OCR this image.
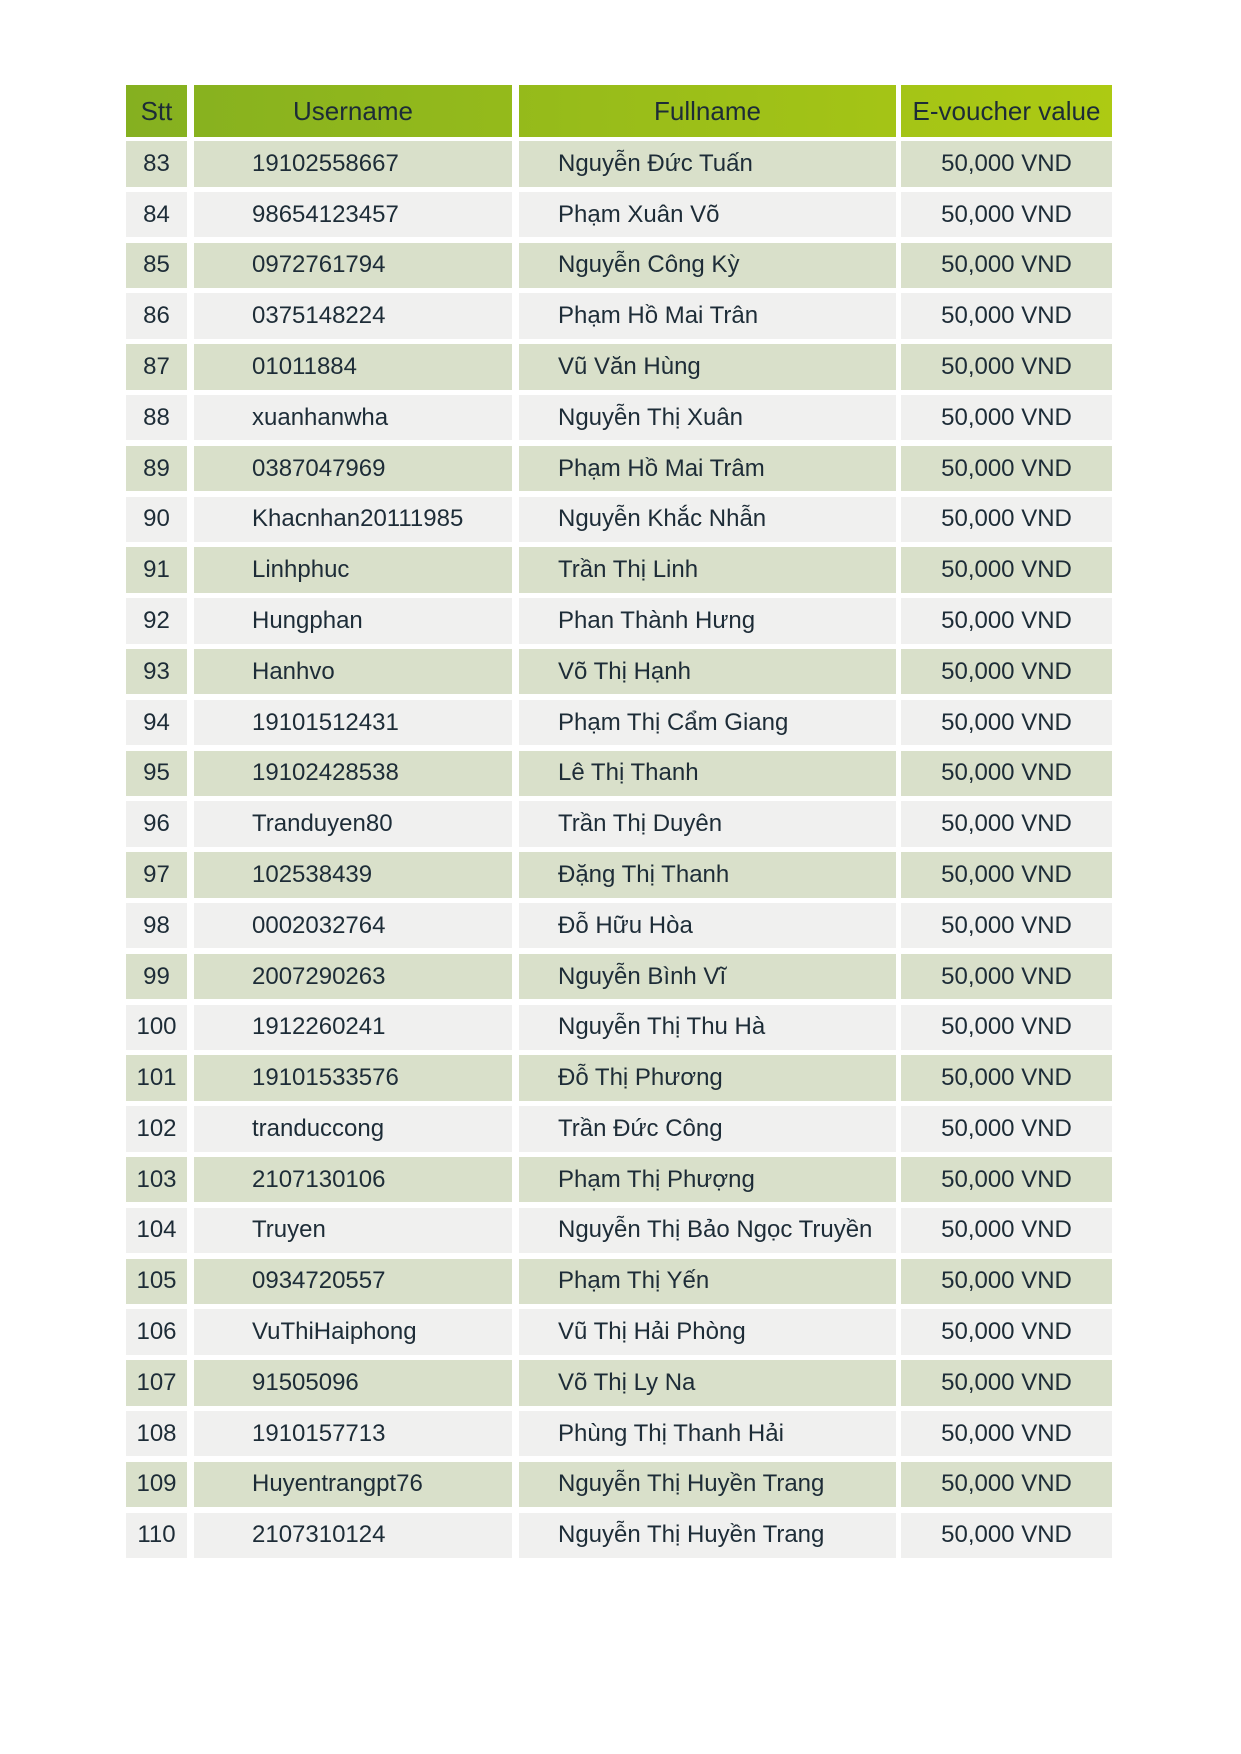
Stt	Username	Fullname	E-voucher value
83	19102558667	Nguyễn Đức Tuấn	50,000 VND
84	98654123457	Phạm Xuân Võ	50,000 VND
85	0972761794	Nguyễn Công Kỳ	50,000 VND
86	0375148224	Phạm Hồ Mai Trân	50,000 VND
87	01011884	Vũ Văn Hùng	50,000 VND
88	xuanhanwha	Nguyễn Thị Xuân	50,000 VND
89	0387047969	Phạm Hồ Mai Trâm	50,000 VND
90	Khacnhan20111985	Nguyễn Khắc Nhẫn	50,000 VND
91	Linhphuc	Trần Thị Linh	50,000 VND
92	Hungphan	Phan Thành Hưng	50,000 VND
93	Hanhvo	Võ Thị Hạnh	50,000 VND
94	19101512431	Phạm Thị Cẩm Giang	50,000 VND
95	19102428538	Lê Thị Thanh	50,000 VND
96	Tranduyen80	Trần Thị Duyên	50,000 VND
97	102538439	Đặng Thị Thanh	50,000 VND
98	0002032764	Đỗ Hữu Hòa	50,000 VND
99	2007290263	Nguyễn Bình Vĩ	50,000 VND
100	1912260241	Nguyễn Thị Thu Hà	50,000 VND
101	19101533576	Đỗ Thị Phương	50,000 VND
102	tranduccong	Trần Đức Công	50,000 VND
103	2107130106	Phạm Thị Phượng	50,000 VND
104	Truyen	Nguyễn Thị Bảo Ngọc Truyền	50,000 VND
105	0934720557	Phạm Thị Yến	50,000 VND
106	VuThiHaiphong	Vũ Thị Hải Phòng	50,000 VND
107	91505096	Võ Thị Ly Na	50,000 VND
108	1910157713	Phùng Thị Thanh Hải	50,000 VND
109	Huyentrangpt76	Nguyễn Thị Huyền Trang	50,000 VND
110	2107310124	Nguyễn Thị Huyền Trang	50,000 VND
